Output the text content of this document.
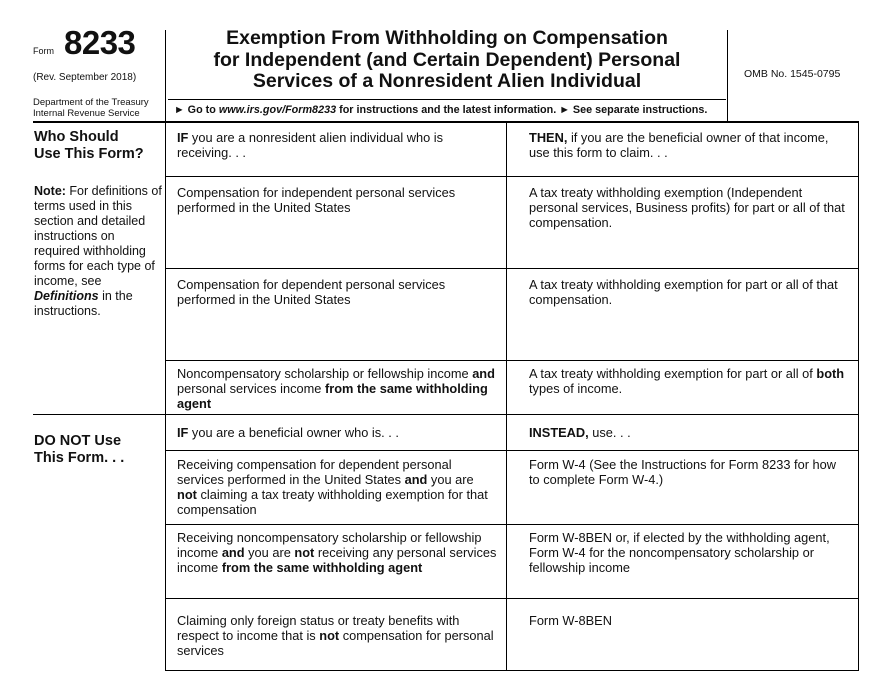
Form 8233
(Rev. September 2018)
Department of the Treasury
Internal Revenue Service
Exemption From Withholding on Compensation
for Independent (and Certain Dependent) Personal
Services of a Nonresident Alien Individual
► Go to www.irs.gov/Form8233 for instructions and the latest information. ► See separate instructions.
OMB No. 1545-0795
Who Should
Use This Form?
Note: For definitions of terms used in this section and detailed instructions on required withholding forms for each type of income, see Definitions in the instructions.
IF you are a nonresident alien individual who is receiving. . .
THEN, if you are the beneficial owner of that income, use this form to claim. . .
Compensation for independent personal services performed in the United States
A tax treaty withholding exemption (Independent personal services, Business profits) for part or all of that compensation.
Compensation for dependent personal services performed in the United States
A tax treaty withholding exemption for part or all of that compensation.
Noncompensatory scholarship or fellowship income and personal services income from the same withholding agent
A tax treaty withholding exemption for part or all of both types of income.
DO NOT Use
This Form. . .
IF you are a beneficial owner who is. . .	INSTEAD, use. . .
Receiving compensation for dependent personal services performed in the United States and you are not claiming a tax treaty withholding exemption for that compensation
Form W-4 (See the Instructions for Form 8233 for how to complete Form W-4.)
Receiving noncompensatory scholarship or fellowship income and you are not receiving any personal services income from the same withholding agent
Form W-8BEN or, if elected by the withholding agent, Form W-4 for the noncompensatory scholarship or fellowship income
Claiming only foreign status or treaty benefits with respect to income that is not compensation for personal services
Form W-8BEN
